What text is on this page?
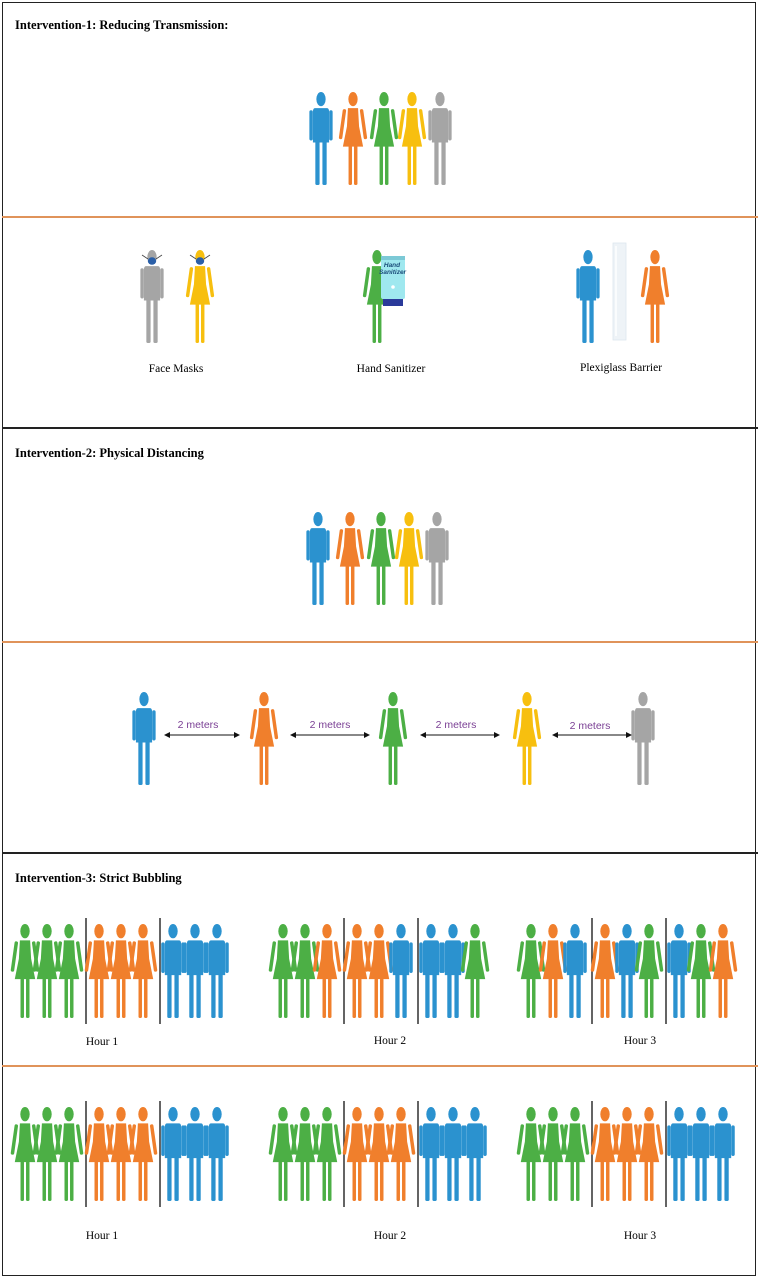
Intervention-1: Reducing Transmission:
Intervention-2: Physical Distancing
Intervention-3: Strict Bubbling
Face Masks	Hand Sanitizer	Plexiglass Barrier
2 meters	2 meters	2 meters	2 meters
Hour 1	Hour 2	Hour 3
Hour 1	Hour 2	Hour 3
Hand Sanitizer
